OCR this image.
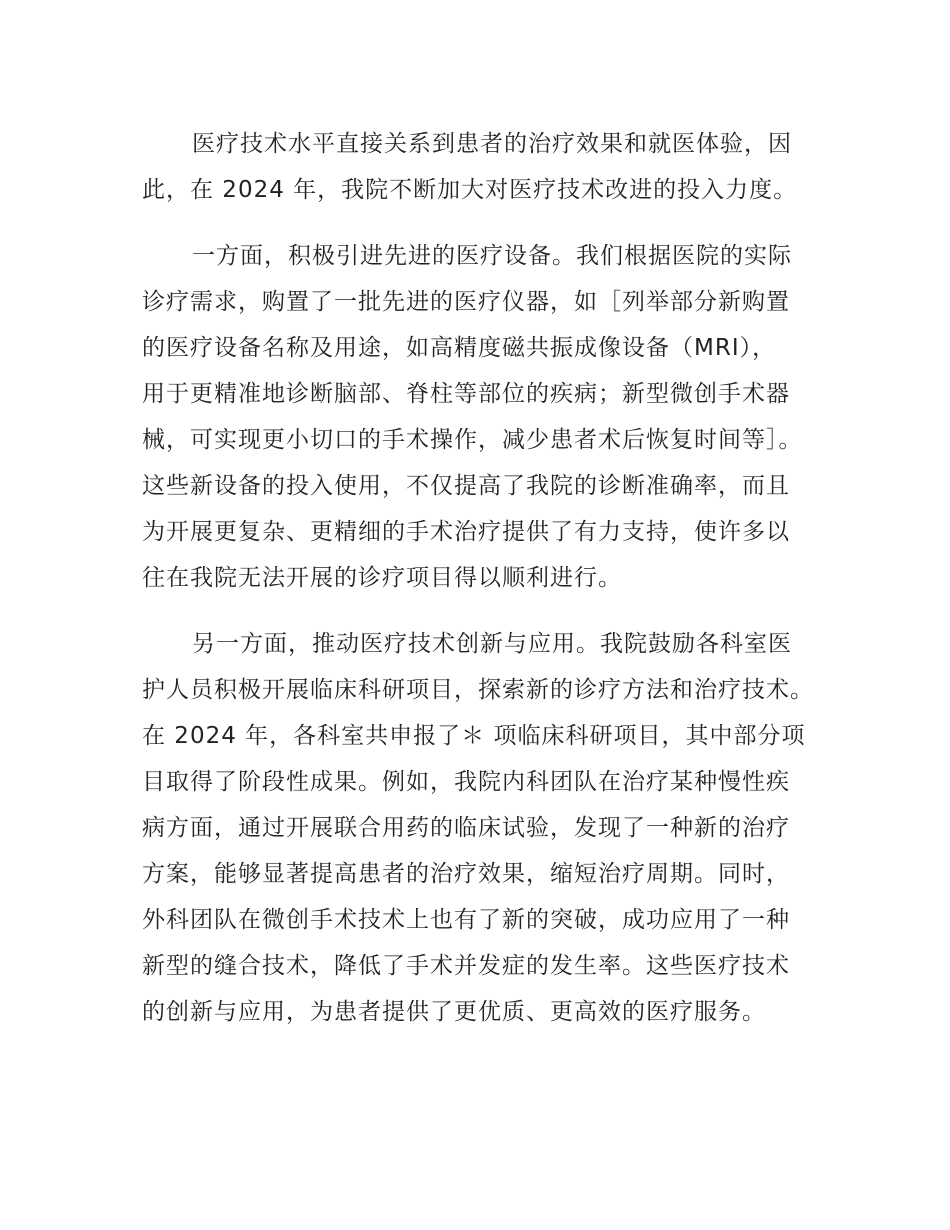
医疗技术水平直接关系到患者的治疗效果和就医体验，因
此，在 2024 年，我院不断加大对医疗技术改进的投入力度。

一方面，积极引进先进的医疗设备。我们根据医院的实际
诊疗需求，购置了一批先进的医疗仪器，如［列举部分新购置
的医疗设备名称及用途，如高精度磁共振成像设备（MRI），
用于更精准地诊断脑部、脊柱等部位的疾病；新型微创手术器
械，可实现更小切口的手术操作，减少患者术后恢复时间等］。
这些新设备的投入使用，不仅提高了我院的诊断准确率，而且
为开展更复杂、更精细的手术治疗提供了有力支持，使许多以
往在我院无法开展的诊疗项目得以顺利进行。

另一方面，推动医疗技术创新与应用。我院鼓励各科室医
护人员积极开展临床科研项目，探索新的诊疗方法和治疗技术。
在 2024 年，各科室共申报了＊ 项临床科研项目，其中部分项
目取得了阶段性成果。例如，我院内科团队在治疗某种慢性疾
病方面，通过开展联合用药的临床试验，发现了一种新的治疗
方案，能够显著提高患者的治疗效果，缩短治疗周期。同时，
外科团队在微创手术技术上也有了新的突破，成功应用了一种
新型的缝合技术，降低了手术并发症的发生率。这些医疗技术
的创新与应用，为患者提供了更优质、更高效的医疗服务。
